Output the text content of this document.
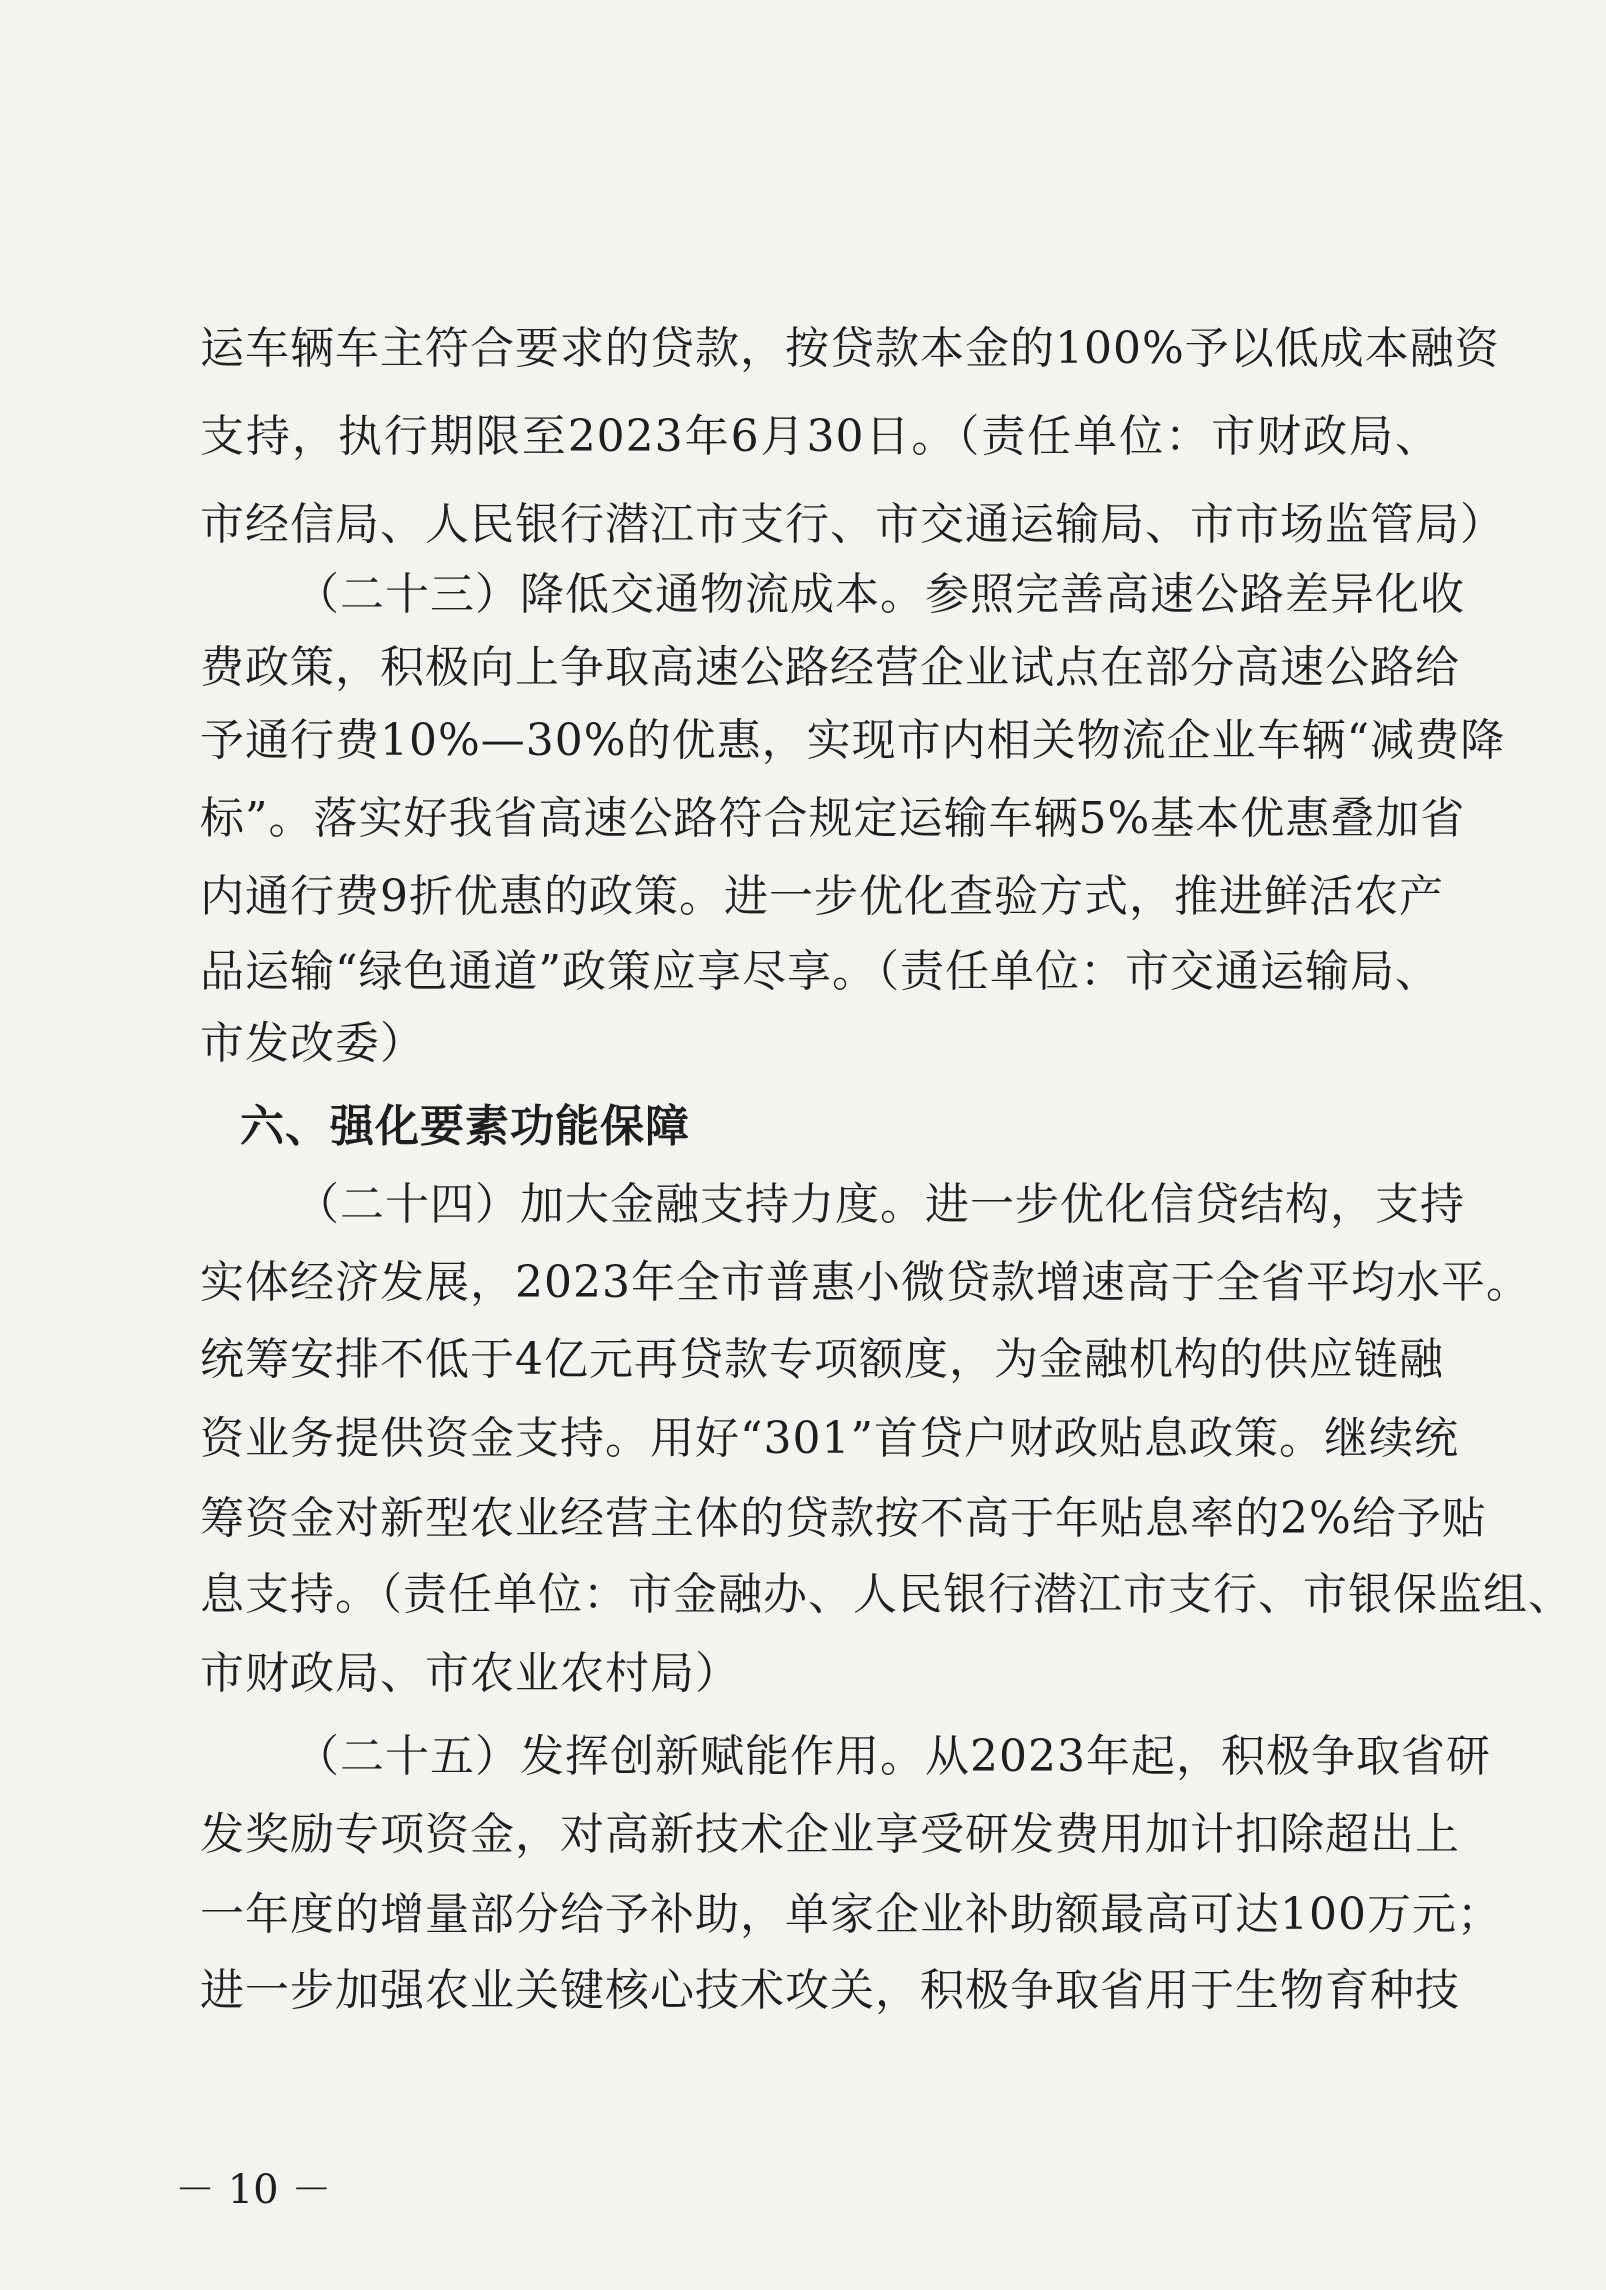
运车辆车主符合要求的贷款，按贷款本金的100%予以低成本融资
支持，执行期限至2023年6月30日。（责任单位：市财政局、
市经信局、人民银行潜江市支行、市交通运输局、市市场监管局）
（二十三）降低交通物流成本。参照完善高速公路差异化收
费政策，积极向上争取高速公路经营企业试点在部分高速公路给
予通行费10%—30%的优惠，实现市内相关物流企业车辆“减费降
标”。落实好我省高速公路符合规定运输车辆5%基本优惠叠加省
内通行费9折优惠的政策。进一步优化查验方式，推进鲜活农产
品运输“绿色通道”政策应享尽享。（责任单位：市交通运输局、
市发改委）
六、强化要素功能保障
（二十四）加大金融支持力度。进一步优化信贷结构，支持
实体经济发展，2023年全市普惠小微贷款增速高于全省平均水平。
统筹安排不低于4亿元再贷款专项额度，为金融机构的供应链融
资业务提供资金支持。用好“301”首贷户财政贴息政策。继续统
筹资金对新型农业经营主体的贷款按不高于年贴息率的2%给予贴
息支持。（责任单位：市金融办、人民银行潜江市支行、市银保监组、
市财政局、市农业农村局）
（二十五）发挥创新赋能作用。从2023年起，积极争取省研
发奖励专项资金，对高新技术企业享受研发费用加计扣除超出上
一年度的增量部分给予补助，单家企业补助额最高可达100万元；
进一步加强农业关键核心技术攻关，积极争取省用于生物育种技
－ 10 －
